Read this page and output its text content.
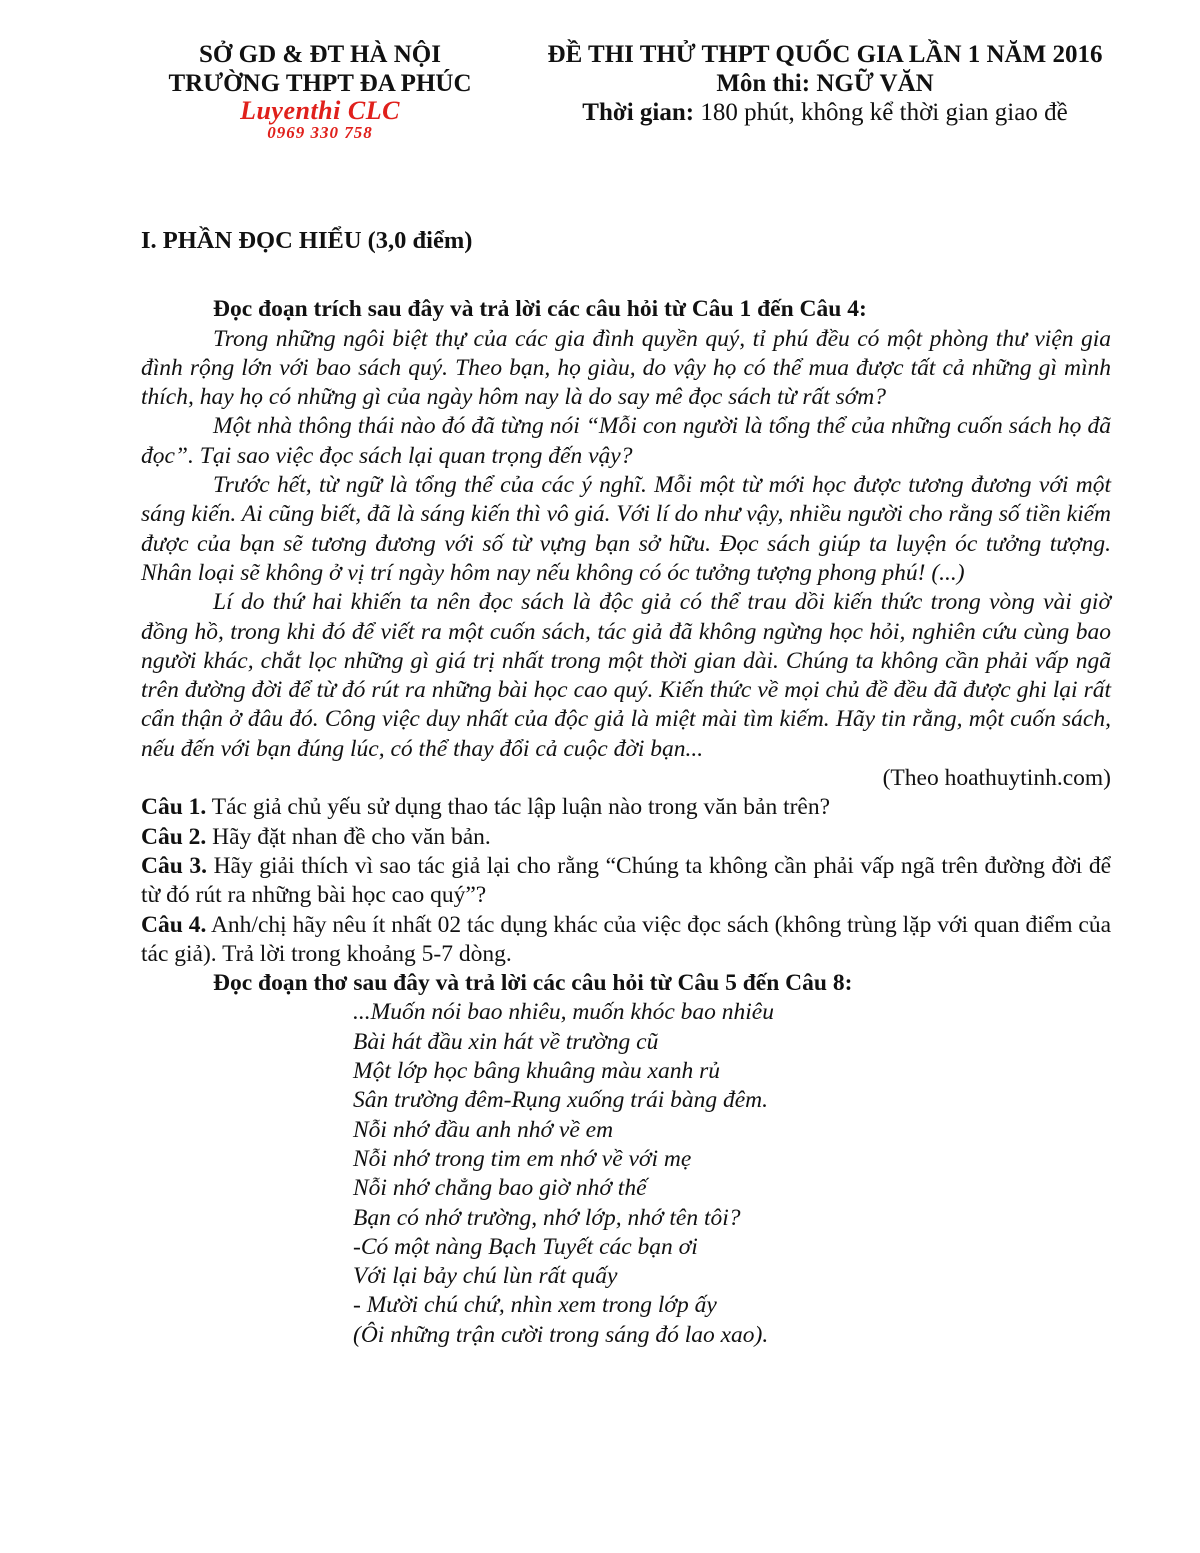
SỞ GD & ĐT HÀ NỘI
TRƯỜNG THPT ĐA PHÚC
Luyenthi CLC
0969 330 758
ĐỀ THI THỬ THPT QUỐC GIA LẦN 1 NĂM 2016
Môn thi: NGỮ VĂN
Thời gian: 180 phút, không kể thời gian giao đề
I. PHẦN ĐỌC HIỂU (3,0 điểm)
Đọc đoạn trích sau đây và trả lời các câu hỏi từ Câu 1 đến Câu 4:

Trong những ngôi biệt thự của các gia đình quyền quý, tỉ phú đều có một phòng thư viện gia đình rộng lớn với bao sách quý. Theo bạn, họ giàu, do vậy họ có thể mua được tất cả những gì mình thích, hay họ có những gì của ngày hôm nay là do say mê đọc sách từ rất sớm?

Một nhà thông thái nào đó đã từng nói “Mỗi con người là tổng thể của những cuốn sách họ đã đọc”. Tại sao việc đọc sách lại quan trọng đến vậy?

Trước hết, từ ngữ là tổng thể của các ý nghĩ. Mỗi một từ mới học được tương đương với một sáng kiến. Ai cũng biết, đã là sáng kiến thì vô giá. Với lí do như vậy, nhiều người cho rằng số tiền kiếm được của bạn sẽ tương đương với số từ vựng bạn sở hữu. Đọc sách giúp ta luyện óc tưởng tượng. Nhân loại sẽ không ở vị trí ngày hôm nay nếu không có óc tưởng tượng phong phú! (...)

Lí do thứ hai khiến ta nên đọc sách là độc giả có thể trau dồi kiến thức trong vòng vài giờ đồng hồ, trong khi đó để viết ra một cuốn sách, tác giả đã không ngừng học hỏi, nghiên cứu cùng bao người khác, chắt lọc những gì giá trị nhất trong một thời gian dài. Chúng ta không cần phải vấp ngã trên đường đời để từ đó rút ra những bài học cao quý. Kiến thức về mọi chủ đề đều đã được ghi lại rất cẩn thận ở đâu đó. Công việc duy nhất của độc giả là miệt mài tìm kiếm. Hãy tin rằng, một cuốn sách, nếu đến với bạn đúng lúc, có thể thay đổi cả cuộc đời bạn...

(Theo hoathuytinh.com)

Câu 1. Tác giả chủ yếu sử dụng thao tác lập luận nào trong văn bản trên?

Câu 2. Hãy đặt nhan đề cho văn bản.

Câu 3. Hãy giải thích vì sao tác giả lại cho rằng “Chúng ta không cần phải vấp ngã trên đường đời để từ đó rút ra những bài học cao quý”?

Câu 4. Anh/chị hãy nêu ít nhất 02 tác dụng khác của việc đọc sách (không trùng lặp với quan điểm của tác giả). Trả lời trong khoảng 5-7 dòng.

Đọc đoạn thơ sau đây và trả lời các câu hỏi từ Câu 5 đến Câu 8:
...Muốn nói bao nhiêu, muốn khóc bao nhiêu
Bài hát đầu xin hát về trường cũ
Một lớp học bâng khuâng màu xanh rủ
Sân trường đêm-Rụng xuống trái bàng đêm.
Nỗi nhớ đầu anh nhớ về em
Nỗi nhớ trong tim em nhớ về với mẹ
Nỗi nhớ chẳng bao giờ nhớ thế
Bạn có nhớ trường, nhớ lớp, nhớ tên tôi?
-Có một nàng Bạch Tuyết các bạn ơi
Với lại bảy chú lùn rất quấy
- Mười chú chứ, nhìn xem trong lớp ấy
(Ôi những trận cười trong sáng đó lao xao).
